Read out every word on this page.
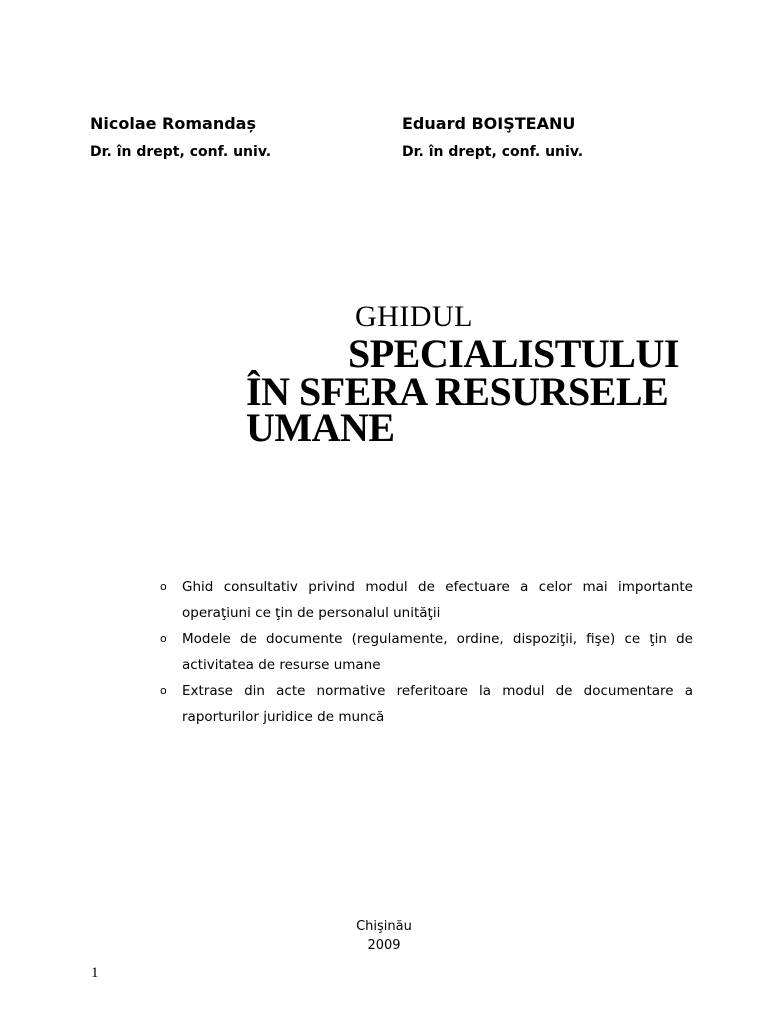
Nicolae Romandaș
Dr. în drept, conf. univ.
Eduard BOIŞTEANU
Dr. în drept, conf. univ.
GHIDUL
SPECIALISTULUI
ÎN SFERA RESURSELE
UMANE
o Ghid consultativ privind modul de efectuare a celor mai importante operaţiuni ce ţin de personalul unităţii
o Modele de documente (regulamente, ordine, dispoziţii, fişe) ce ţin de activitatea de resurse umane
o Extrase din acte normative referitoare la modul de documentare a raporturilor juridice de muncă
Chişinău
2009
1
